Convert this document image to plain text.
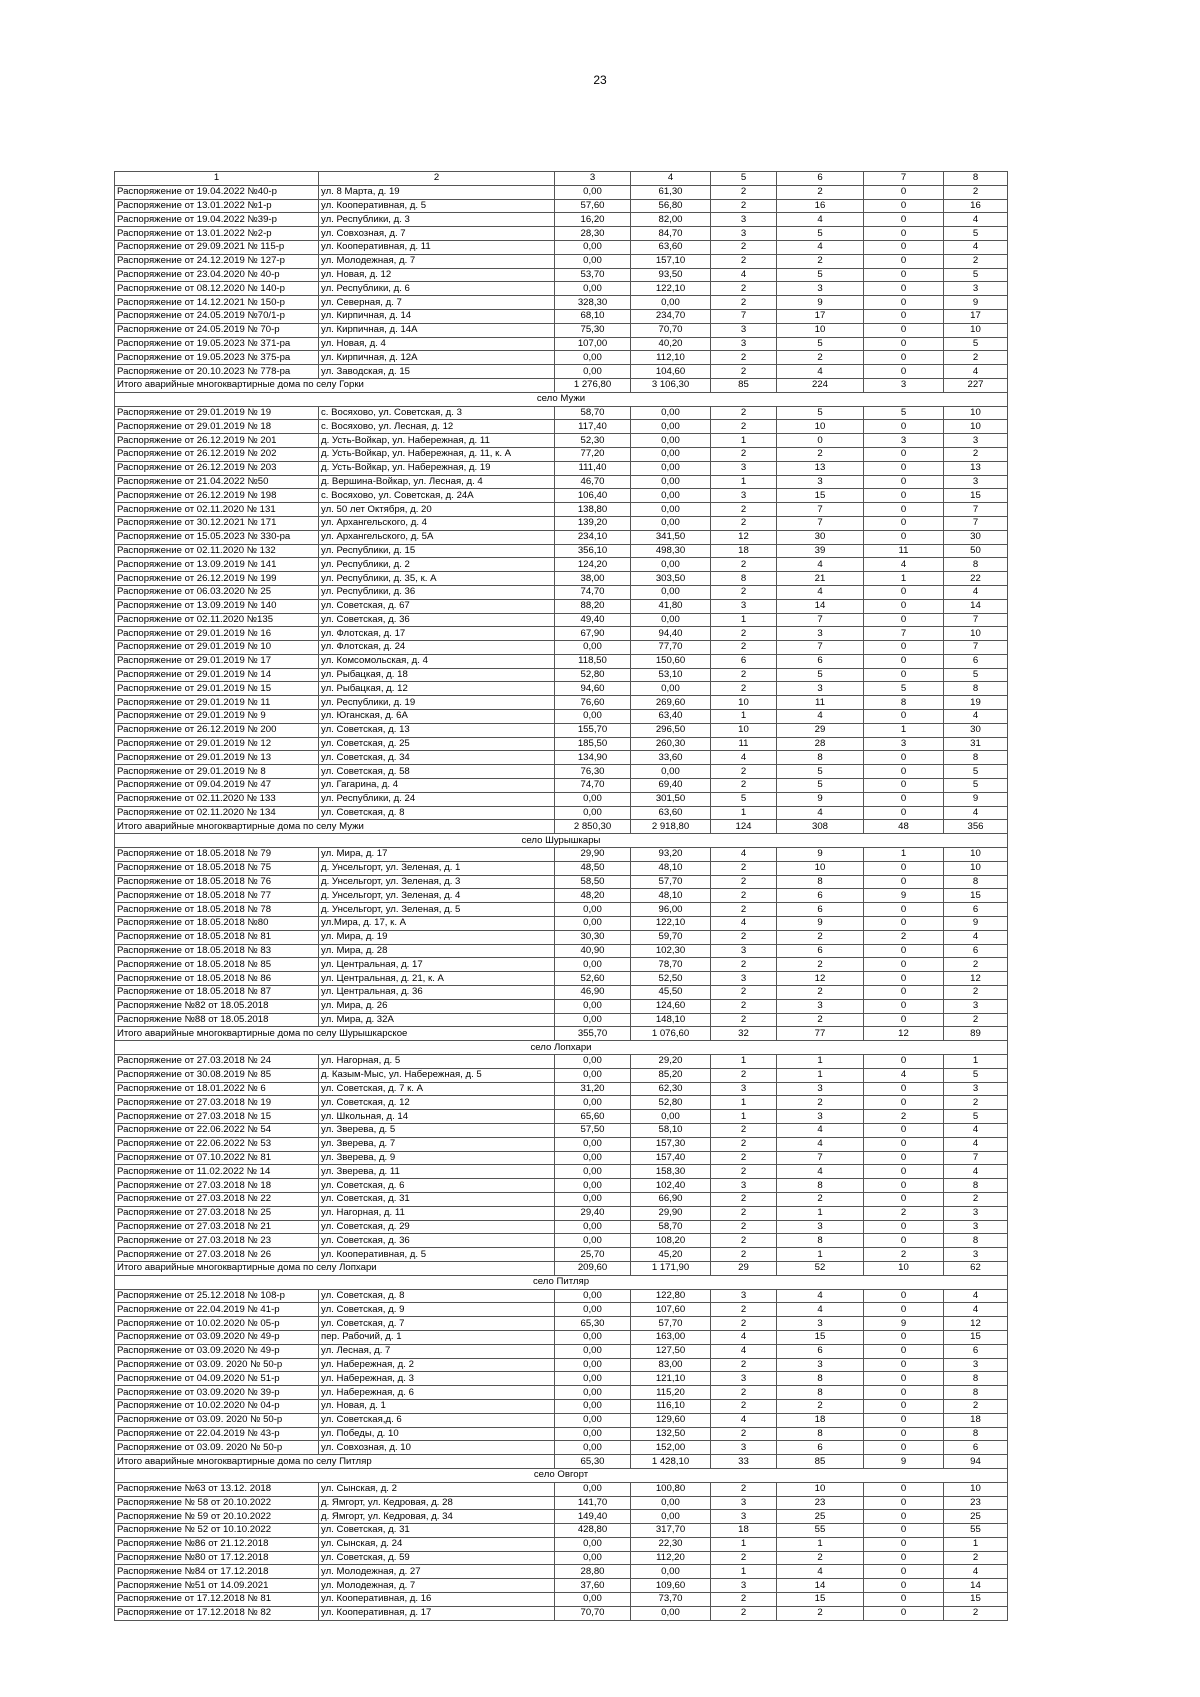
23
1	2	3	4	5	6	7	8
Распоряжение от 19.04.2022 №40-р	ул. 8 Марта, д. 19	0,00	61,30	2	2	0	2
Распоряжение от 13.01.2022 №1-р	ул. Кооперативная, д. 5	57,60	56,80	2	16	0	16
Распоряжение от 19.04.2022 №39-р	ул. Республики, д. 3	16,20	82,00	3	4	0	4
Распоряжение от 13.01.2022 №2-р	ул. Совхозная, д. 7	28,30	84,70	3	5	0	5
Распоряжение от 29.09.2021 № 115-р	ул. Кооперативная, д. 11	0,00	63,60	2	4	0	4
Распоряжение от 24.12.2019 № 127-р	ул. Молодежная, д. 7	0,00	157,10	2	2	0	2
Распоряжение от 23.04.2020 № 40-р	ул. Новая, д. 12	53,70	93,50	4	5	0	5
Распоряжение от 08.12.2020 № 140-р	ул. Республики, д. 6	0,00	122,10	2	3	0	3
Распоряжение от 14.12.2021 № 150-р	ул. Северная, д. 7	328,30	0,00	2	9	0	9
Распоряжение от 24.05.2019 №70/1-р	ул. Кирпичная, д. 14	68,10	234,70	7	17	0	17
Распоряжение от 24.05.2019 № 70-р	ул. Кирпичная, д. 14А	75,30	70,70	3	10	0	10
Распоряжение от 19.05.2023 № 371-ра	ул. Новая, д. 4	107,00	40,20	3	5	0	5
Распоряжение от 19.05.2023 № 375-ра	ул. Кирпичная, д. 12А	0,00	112,10	2	2	0	2
Распоряжение от 20.10.2023 № 778-ра	ул. Заводская, д. 15	0,00	104,60	2	4	0	4
Итого аварийные многоквартирные дома по селу Горки		1 276,80	3 106,30	85	224	3	227
село Мужи							
Распоряжение от 29.01.2019 № 19	с. Восяхово, ул. Советская, д. 3	58,70	0,00	2	5	5	10
Распоряжение от 29.01.2019 № 18	с. Восяхово, ул. Лесная, д. 12	117,40	0,00	2	10	0	10
Распоряжение от 26.12.2019 № 201	д. Усть-Войкар, ул. Набережная, д. 11	52,30	0,00	1	0	3	3
Распоряжение от 26.12.2019 № 202	д. Усть-Войкар, ул. Набережная, д. 11, к. А	77,20	0,00	2	2	0	2
Распоряжение от 26.12.2019 № 203	д. Усть-Войкар, ул. Набережная, д. 19	111,40	0,00	3	13	0	13
Распоряжение от 21.04.2022 №50	д. Вершина-Войкар, ул. Лесная, д. 4	46,70	0,00	1	3	0	3
Распоряжение от 26.12.2019 № 198	с. Восяхово, ул. Советская, д. 24А	106,40	0,00	3	15	0	15
Распоряжение от 02.11.2020 № 131	ул. 50 лет Октября, д. 20	138,80	0,00	2	7	0	7
Распоряжение от 30.12.2021 № 171	ул. Архангельского, д. 4	139,20	0,00	2	7	0	7
Распоряжение от 15.05.2023 № 330-ра	ул. Архангельского, д. 5А	234,10	341,50	12	30	0	30
Распоряжение от 02.11.2020 № 132	ул. Республики, д. 15	356,10	498,30	18	39	11	50
Распоряжение от 13.09.2019 № 141	ул. Республики, д. 2	124,20	0,00	2	4	4	8
Распоряжение от 26.12.2019 № 199	ул. Республики, д. 35, к. А	38,00	303,50	8	21	1	22
Распоряжение от 06.03.2020 № 25	ул. Республики, д. 36	74,70	0,00	2	4	0	4
Распоряжение от 13.09.2019 № 140	ул. Советская, д. 67	88,20	41,80	3	14	0	14
Распоряжение от 02.11.2020 №135	ул. Советская, д. 36	49,40	0,00	1	7	0	7
Распоряжение от 29.01.2019 № 16	ул. Флотская, д. 17	67,90	94,40	2	3	7	10
Распоряжение от 29.01.2019 № 10	ул. Флотская, д. 24	0,00	77,70	2	7	0	7
Распоряжение от 29.01.2019 № 17	ул. Комсомольская, д. 4	118,50	150,60	6	6	0	6
Распоряжение от 29.01.2019 № 14	ул. Рыбацкая, д. 18	52,80	53,10	2	5	0	5
Распоряжение от 29.01.2019 № 15	ул. Рыбацкая, д. 12	94,60	0,00	2	3	5	8
Распоряжение от 29.01.2019 № 11	ул. Республики, д. 19	76,60	269,60	10	11	8	19
Распоряжение от 29.01.2019 № 9	ул. Юганская, д. 6А	0,00	63,40	1	4	0	4
Распоряжение от 26.12.2019 № 200	ул. Советская, д. 13	155,70	296,50	10	29	1	30
Распоряжение от 29.01.2019 № 12	ул. Советская, д. 25	185,50	260,30	11	28	3	31
Распоряжение от 29.01.2019 № 13	ул. Советская, д. 34	134,90	33,60	4	8	0	8
Распоряжение от 29.01.2019 № 8	ул. Советская, д. 58	76,30	0,00	2	5	0	5
Распоряжение от 09.04.2019 № 47	ул. Гагарина, д. 4	74,70	69,40	2	5	0	5
Распоряжение от 02.11.2020 № 133	ул. Республики, д. 24	0,00	301,50	5	9	0	9
Распоряжение от 02.11.2020 № 134	ул. Советская, д. 8	0,00	63,60	1	4	0	4
Итого аварийные многоквартирные дома по селу Мужи		2 850,30	2 918,80	124	308	48	356
село Шурышкары							
Распоряжение от 18.05.2018 № 79	ул. Мира, д. 17	29,90	93,20	4	9	1	10
Распоряжение от 18.05.2018 № 75	д. Унсельгорт, ул. Зеленая, д. 1	48,50	48,10	2	10	0	10
Распоряжение от 18.05.2018 № 76	д. Унсельгорт, ул. Зеленая, д. 3	58,50	57,70	2	8	0	8
Распоряжение от 18.05.2018 № 77	д. Унсельгорт, ул. Зеленая, д. 4	48,20	48,10	2	6	9	15
Распоряжение от 18.05.2018 № 78	д. Унсельгорт, ул. Зеленая, д. 5	0,00	96,00	2	6	0	6
Распоряжение от 18.05.2018 №80	ул.Мира, д. 17, к. А	0,00	122,10	4	9	0	9
Распоряжение от 18.05.2018 № 81	ул. Мира, д. 19	30,30	59,70	2	2	2	4
Распоряжение от 18.05.2018 № 83	ул. Мира, д. 28	40,90	102,30	3	6	0	6
Распоряжение от 18.05.2018 № 85	ул. Центральная, д. 17	0,00	78,70	2	2	0	2
Распоряжение от 18.05.2018 № 86	ул. Центральная, д. 21, к. А	52,60	52,50	3	12	0	12
Распоряжение от 18.05.2018 № 87	ул. Центральная, д. 36	46,90	45,50	2	2	0	2
Распоряжение №82 от 18.05.2018	ул. Мира, д. 26	0,00	124,60	2	3	0	3
Распоряжение №88 от 18.05.2018	ул. Мира, д. 32А	0,00	148,10	2	2	0	2
Итого аварийные многоквартирные дома по селу Шурышкарское		355,70	1 076,60	32	77	12	89
село Лопхари							
Распоряжение от 27.03.2018 № 24	ул. Нагорная, д. 5	0,00	29,20	1	1	0	1
Распоряжение от 30.08.2019 № 85	д. Казым-Мыс, ул. Набережная, д. 5	0,00	85,20	2	1	4	5
Распоряжение от 18.01.2022 № 6	ул. Советская, д. 7 к. А	31,20	62,30	3	3	0	3
Распоряжение от 27.03.2018 № 19	ул. Советская, д. 12	0,00	52,80	1	2	0	2
Распоряжение от 27.03.2018 № 15	ул. Школьная, д. 14	65,60	0,00	1	3	2	5
Распоряжение от 22.06.2022 № 54	ул. Зверева, д. 5	57,50	58,10	2	4	0	4
Распоряжение от 22.06.2022 № 53	ул. Зверева, д. 7	0,00	157,30	2	4	0	4
Распоряжение от 07.10.2022 № 81	ул. Зверева, д. 9	0,00	157,40	2	7	0	7
Распоряжение от 11.02.2022 № 14	ул. Зверева, д. 11	0,00	158,30	2	4	0	4
Распоряжение от 27.03.2018 № 18	ул. Советская, д. 6	0,00	102,40	3	8	0	8
Распоряжение от 27.03.2018 № 22	ул. Советская, д. 31	0,00	66,90	2	2	0	2
Распоряжение от 27.03.2018 № 25	ул. Нагорная, д. 11	29,40	29,90	2	1	2	3
Распоряжение от 27.03.2018 № 21	ул. Советская, д. 29	0,00	58,70	2	3	0	3
Распоряжение от 27.03.2018 № 23	ул. Советская, д. 36	0,00	108,20	2	8	0	8
Распоряжение от 27.03.2018 № 26	ул. Кооперативная, д. 5	25,70	45,20	2	1	2	3
Итого аварийные многоквартирные дома по селу Лопхари		209,60	1 171,90	29	52	10	62
село Питляр							
Распоряжение от 25.12.2018 № 108-р	ул. Советская, д. 8	0,00	122,80	3	4	0	4
Распоряжение от 22.04.2019 № 41-р	ул. Советская, д. 9	0,00	107,60	2	4	0	4
Распоряжение от 10.02.2020 № 05-р	ул. Советская, д. 7	65,30	57,70	2	3	9	12
Распоряжение от 03.09.2020 № 49-р	пер. Рабочий, д. 1	0,00	163,00	4	15	0	15
Распоряжение от 03.09.2020 № 49-р	ул. Лесная, д. 7	0,00	127,50	4	6	0	6
Распоряжение от 03.09. 2020 № 50-р	ул. Набережная, д. 2	0,00	83,00	2	3	0	3
Распоряжение от 04.09.2020 № 51-р	ул. Набережная, д. 3	0,00	121,10	3	8	0	8
Распоряжение от 03.09.2020 № 39-р	ул. Набережная, д. 6	0,00	115,20	2	8	0	8
Распоряжение от 10.02.2020 № 04-р	ул. Новая, д. 1	0,00	116,10	2	2	0	2
Распоряжение от 03.09. 2020 № 50-р	ул. Советская,д. 6	0,00	129,60	4	18	0	18
Распоряжение от 22.04.2019 № 43-р	ул. Победы, д. 10	0,00	132,50	2	8	0	8
Распоряжение от 03.09. 2020 № 50-р	ул. Совхозная, д. 10	0,00	152,00	3	6	0	6
Итого аварийные многоквартирные дома по селу Питляр		65,30	1 428,10	33	85	9	94
село Овгорт							
Распоряжение №63 от 13.12. 2018	ул. Сынская, д. 2	0,00	100,80	2	10	0	10
Распоряжение № 58 от 20.10.2022	д. Ямгорт, ул. Кедровая, д. 28	141,70	0,00	3	23	0	23
Распоряжение № 59 от 20.10.2022	д. Ямгорт, ул. Кедровая, д. 34	149,40	0,00	3	25	0	25
Распоряжение № 52 от 10.10.2022	ул. Советская, д. 31	428,80	317,70	18	55	0	55
Распоряжение №86 от 21.12.2018	ул. Сынская, д. 24	0,00	22,30	1	1	0	1
Распоряжение №80 от 17.12.2018	ул. Советская, д. 59	0,00	112,20	2	2	0	2
Распоряжение №84 от 17.12.2018	ул. Молодежная, д. 27	28,80	0,00	1	4	0	4
Распоряжение №51 от 14.09.2021	ул. Молодежная, д. 7	37,60	109,60	3	14	0	14
Распоряжение от 17.12.2018 № 81	ул. Кооперативная, д. 16	0,00	73,70	2	15	0	15
Распоряжение от 17.12.2018 № 82	ул. Кооперативная, д. 17	70,70	0,00	2	2	0	2
